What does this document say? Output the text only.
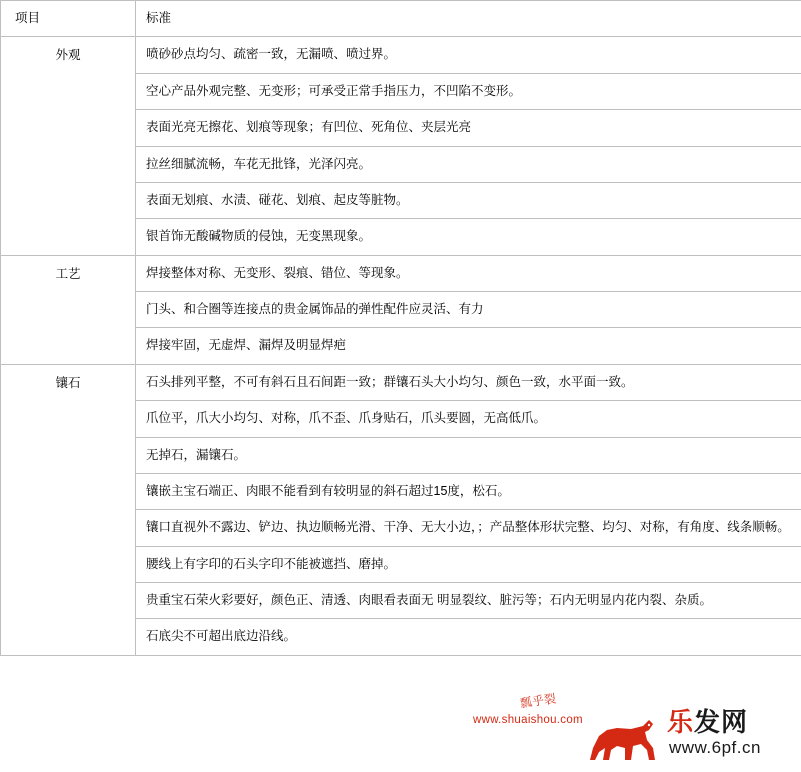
项目	标准
外观	喷砂砂点均匀、疏密一致，无漏喷、喷过界。
	空心产品外观完整、无变形；可承受正常手指压力，不凹陷不变形。
	表面光亮无擦花、划痕等现象；有凹位、死角位、夹层光亮
	拉丝细腻流畅，车花无批锋，光泽闪亮。
	表面无划痕、水渍、碰花、划痕、起皮等脏物。
	银首饰无酸碱物质的侵蚀，无变黑现象。
工艺	焊接整体对称、无变形、裂痕、错位、等现象。
	门头、和合圈等连接点的贵金属饰品的弹性配件应灵活、有力
	焊接牢固，无虚焊、漏焊及明显焊疤
镶石	石头排列平整，不可有斜石且石间距一致；群镶石头大小均匀、颜色一致，水平面一致。
	爪位平，爪大小均匀、对称，爪不歪、爪身贴石，爪头要圆，无高低爪。
	无掉石，漏镶石。
	镶嵌主宝石端正、肉眼不能看到有较明显的斜石超过15度，松石。
	镶口直视外不露边、铲边、执边顺畅光滑、干净、无大小边，；产品整体形状完整、均匀、对称，有角度、线条顺畅。
	腰线上有字印的石头字印不能被遮挡、磨掉。
	贵重宝石荣火彩要好，颜色正、清透、肉眼看表面无 明显裂纹、脏污等；石内无明显内花内裂、杂质。
	石底尖不可超出底边沿线。
瓢乎裂
www.shuaishou.com	乐发网
www.6pf.cn
